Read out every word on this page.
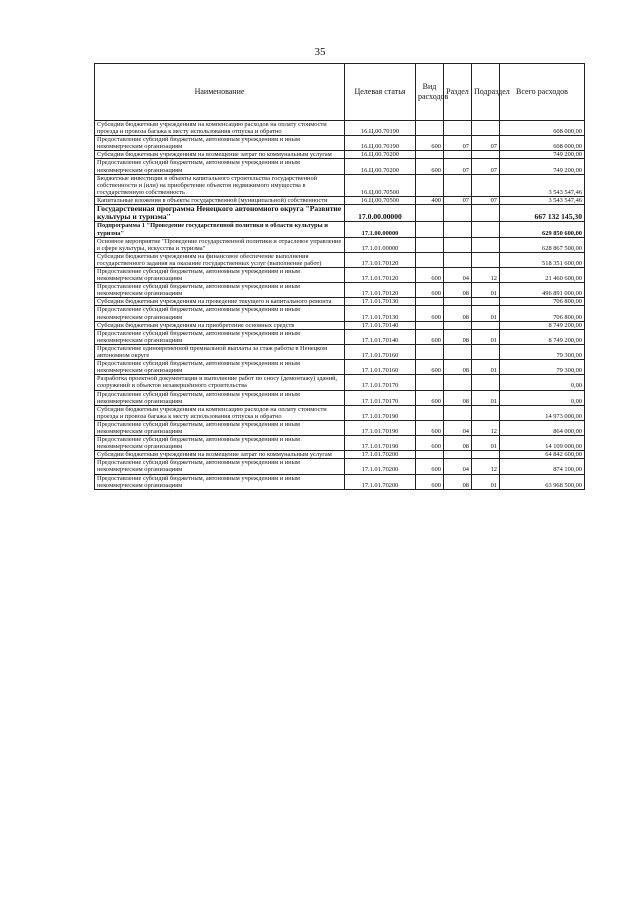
35
Наименование	Целевая статья	Вид расходов	Раздел	Подраздел	Всего расходов
Субсидии бюджетным учреждениям на компенсацию расходов на оплату стоимости проезда и провоза багажа к месту использования отпуска и обратно	16.Ц.00.70190				608 000,00
Предоставление субсидий бюджетным, автономным учреждениям и иным некоммерческим организациям	16.Ц.00.70190	600	07	07	608 000,00
Субсидии бюджетным учреждениям на возмещение затрат по коммунальным услугам	16.Ц.00.70200				749 200,00
Предоставление субсидий бюджетным, автономным учреждениям и иным некоммерческим организациям	16.Ц.00.70200	600	07	07	749 200,00
Бюджетные инвестиции в объекты капитального строительства государственной собственности и (или) на приобретение объектов недвижимого имущества в государственную собственность	16.Ц.00.70500				3 543 547,46
Капитальные вложения в объекты государственной (муниципальной) собственности	16.Ц.00.70500	400	07	07	3 543 547,46
Государственная программа Ненецкого автономного округа "Развитие культуры и туризма"	17.0.00.00000				667 132 145,30
Подпрограмма 1 "Проведение государственной политики в области культуры и туризма"	17.1.00.00000				629 850 600,00
Основное мероприятие "Проведение государственной политики и отраслевое управление в сфере культуры, искусства и туризма"	17.1.01.00000				628 867 500,00
Субсидии бюджетным учреждениям на финансовое обеспечение выполнения государственного задания на оказание государственных услуг (выполнение работ)	17.1.01.70120				518 351 600,00
Предоставление субсидий бюджетным, автономным учреждениям и иным некоммерческим организациям	17.1.01.70120	600	04	12	21 460 600,00
Предоставление субсидий бюджетным, автономным учреждениям и иным некоммерческим организациям	17.1.01.70120	600	08	01	496 891 000,00
Субсидии бюджетным учреждениям на проведение текущего и капитального ремонта	17.1.01.70130				706 800,00
Предоставление субсидий бюджетным, автономным учреждениям и иным некоммерческим организациям	17.1.01.70130	600	08	01	706 800,00
Субсидии бюджетным учреждениям на приобретение основных средств	17.1.01.70140				8 749 200,00
Предоставление субсидий бюджетным, автономным учреждениям и иным некоммерческим организациям	17.1.01.70140	600	08	01	8 749 200,00
Предоставление единовременной премиальной выплаты за стаж работы в Ненецком автономном округе	17.1.01.70160				79 300,00
Предоставление субсидий бюджетным, автономным учреждениям и иным некоммерческим организациям	17.1.01.70160	600	08	01	79 300,00
Разработка проектной документации и выполнение работ по сносу (демонтажу) зданий, сооружений и объектов незавершённого строительства	17.1.01.70170				0,00
Предоставление субсидий бюджетным, автономным учреждениям и иным некоммерческим организациям	17.1.01.70170	600	08	01	0,00
Субсидии бюджетным учреждениям на компенсацию расходов на оплату стоимости проезда и провоза багажа к месту использования отпуска и обратно	17.1.01.70190				14 973 000,00
Предоставление субсидий бюджетным, автономным учреждениям и иным некоммерческим организациям	17.1.01.70190	600	04	12	864 000,00
Предоставление субсидий бюджетным, автономным учреждениям и иным некоммерческим организациям	17.1.01.70190	600	08	01	14 109 000,00
Субсидии бюджетным учреждениям на возмещение затрат по коммунальным услугам	17.1.01.70200				64 842 600,00
Предоставление субсидий бюджетным, автономным учреждениям и иным некоммерческим организациям	17.1.01.70200	600	04	12	874 100,00
Предоставление субсидий бюджетным, автономным учреждениям и иным некоммерческим организациям	17.1.01.70200	600	08	01	63 968 500,00
